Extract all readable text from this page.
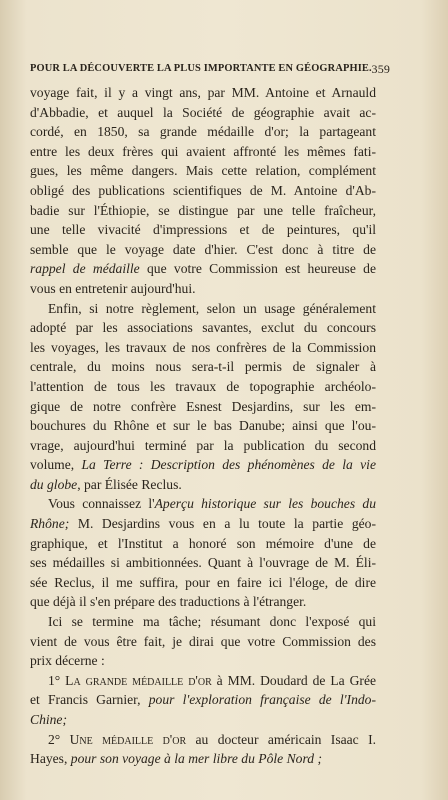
POUR LA DÉCOUVERTE LA PLUS IMPORTANTE EN GÉOGRAPHIE. 359

voyage fait, il y a vingt ans, par MM. Antoine et Arnauld
d'Abbadie, et auquel la Société de géographie avait ac-
cordé, en 1850, sa grande médaille d'or; la partageant
entre les deux frères qui avaient affronté les mêmes fati-
gues, les même dangers. Mais cette relation, complément
obligé des publications scientifiques de M. Antoine d'Ab-
badie sur l'Éthiopie, se distingue par une telle fraîcheur,
une telle vivacité d'impressions et de peintures, qu'il
semble que le voyage date d'hier. C'est donc à titre de
rappel de médaille que votre Commission est heureuse de
vous en entretenir aujourd'hui.

Enfin, si notre règlement, selon un usage généralement
adopté par les associations savantes, exclut du concours
les voyages, les travaux de nos confrères de la Commission
centrale, du moins nous sera-t-il permis de signaler à
l'attention de tous les travaux de topographie archéolo-
gique de notre confrère Esnest Desjardins, sur les em-
bouchures du Rhône et sur le bas Danube; ainsi que l'ou-
vrage, aujourd'hui terminé par la publication du second
volume, La Terre : Description des phénomènes de la vie
du globe, par Élisée Reclus.

Vous connaissez l'Aperçu historique sur les bouches du
Rhône; M. Desjardins vous en a lu toute la partie géo-
graphique, et l'Institut a honoré son mémoire d'une de
ses médailles si ambitionnées. Quant à l'ouvrage de M. Éli-
sée Reclus, il me suffira, pour en faire ici l'éloge, de dire
que déjà il s'en prépare des traductions à l'étranger.

Ici se termine ma tâche; résumant donc l'exposé qui
vient de vous être fait, je dirai que votre Commission des
prix décerne :

1° La grande médaille d'or à MM. Doudard de La Grée
et Francis Garnier, pour l'exploration française de l'Indo-
Chine;

2° Une médaille d'or au docteur américain Isaac I.
Hayes, pour son voyage à la mer libre du Pôle Nord ;
